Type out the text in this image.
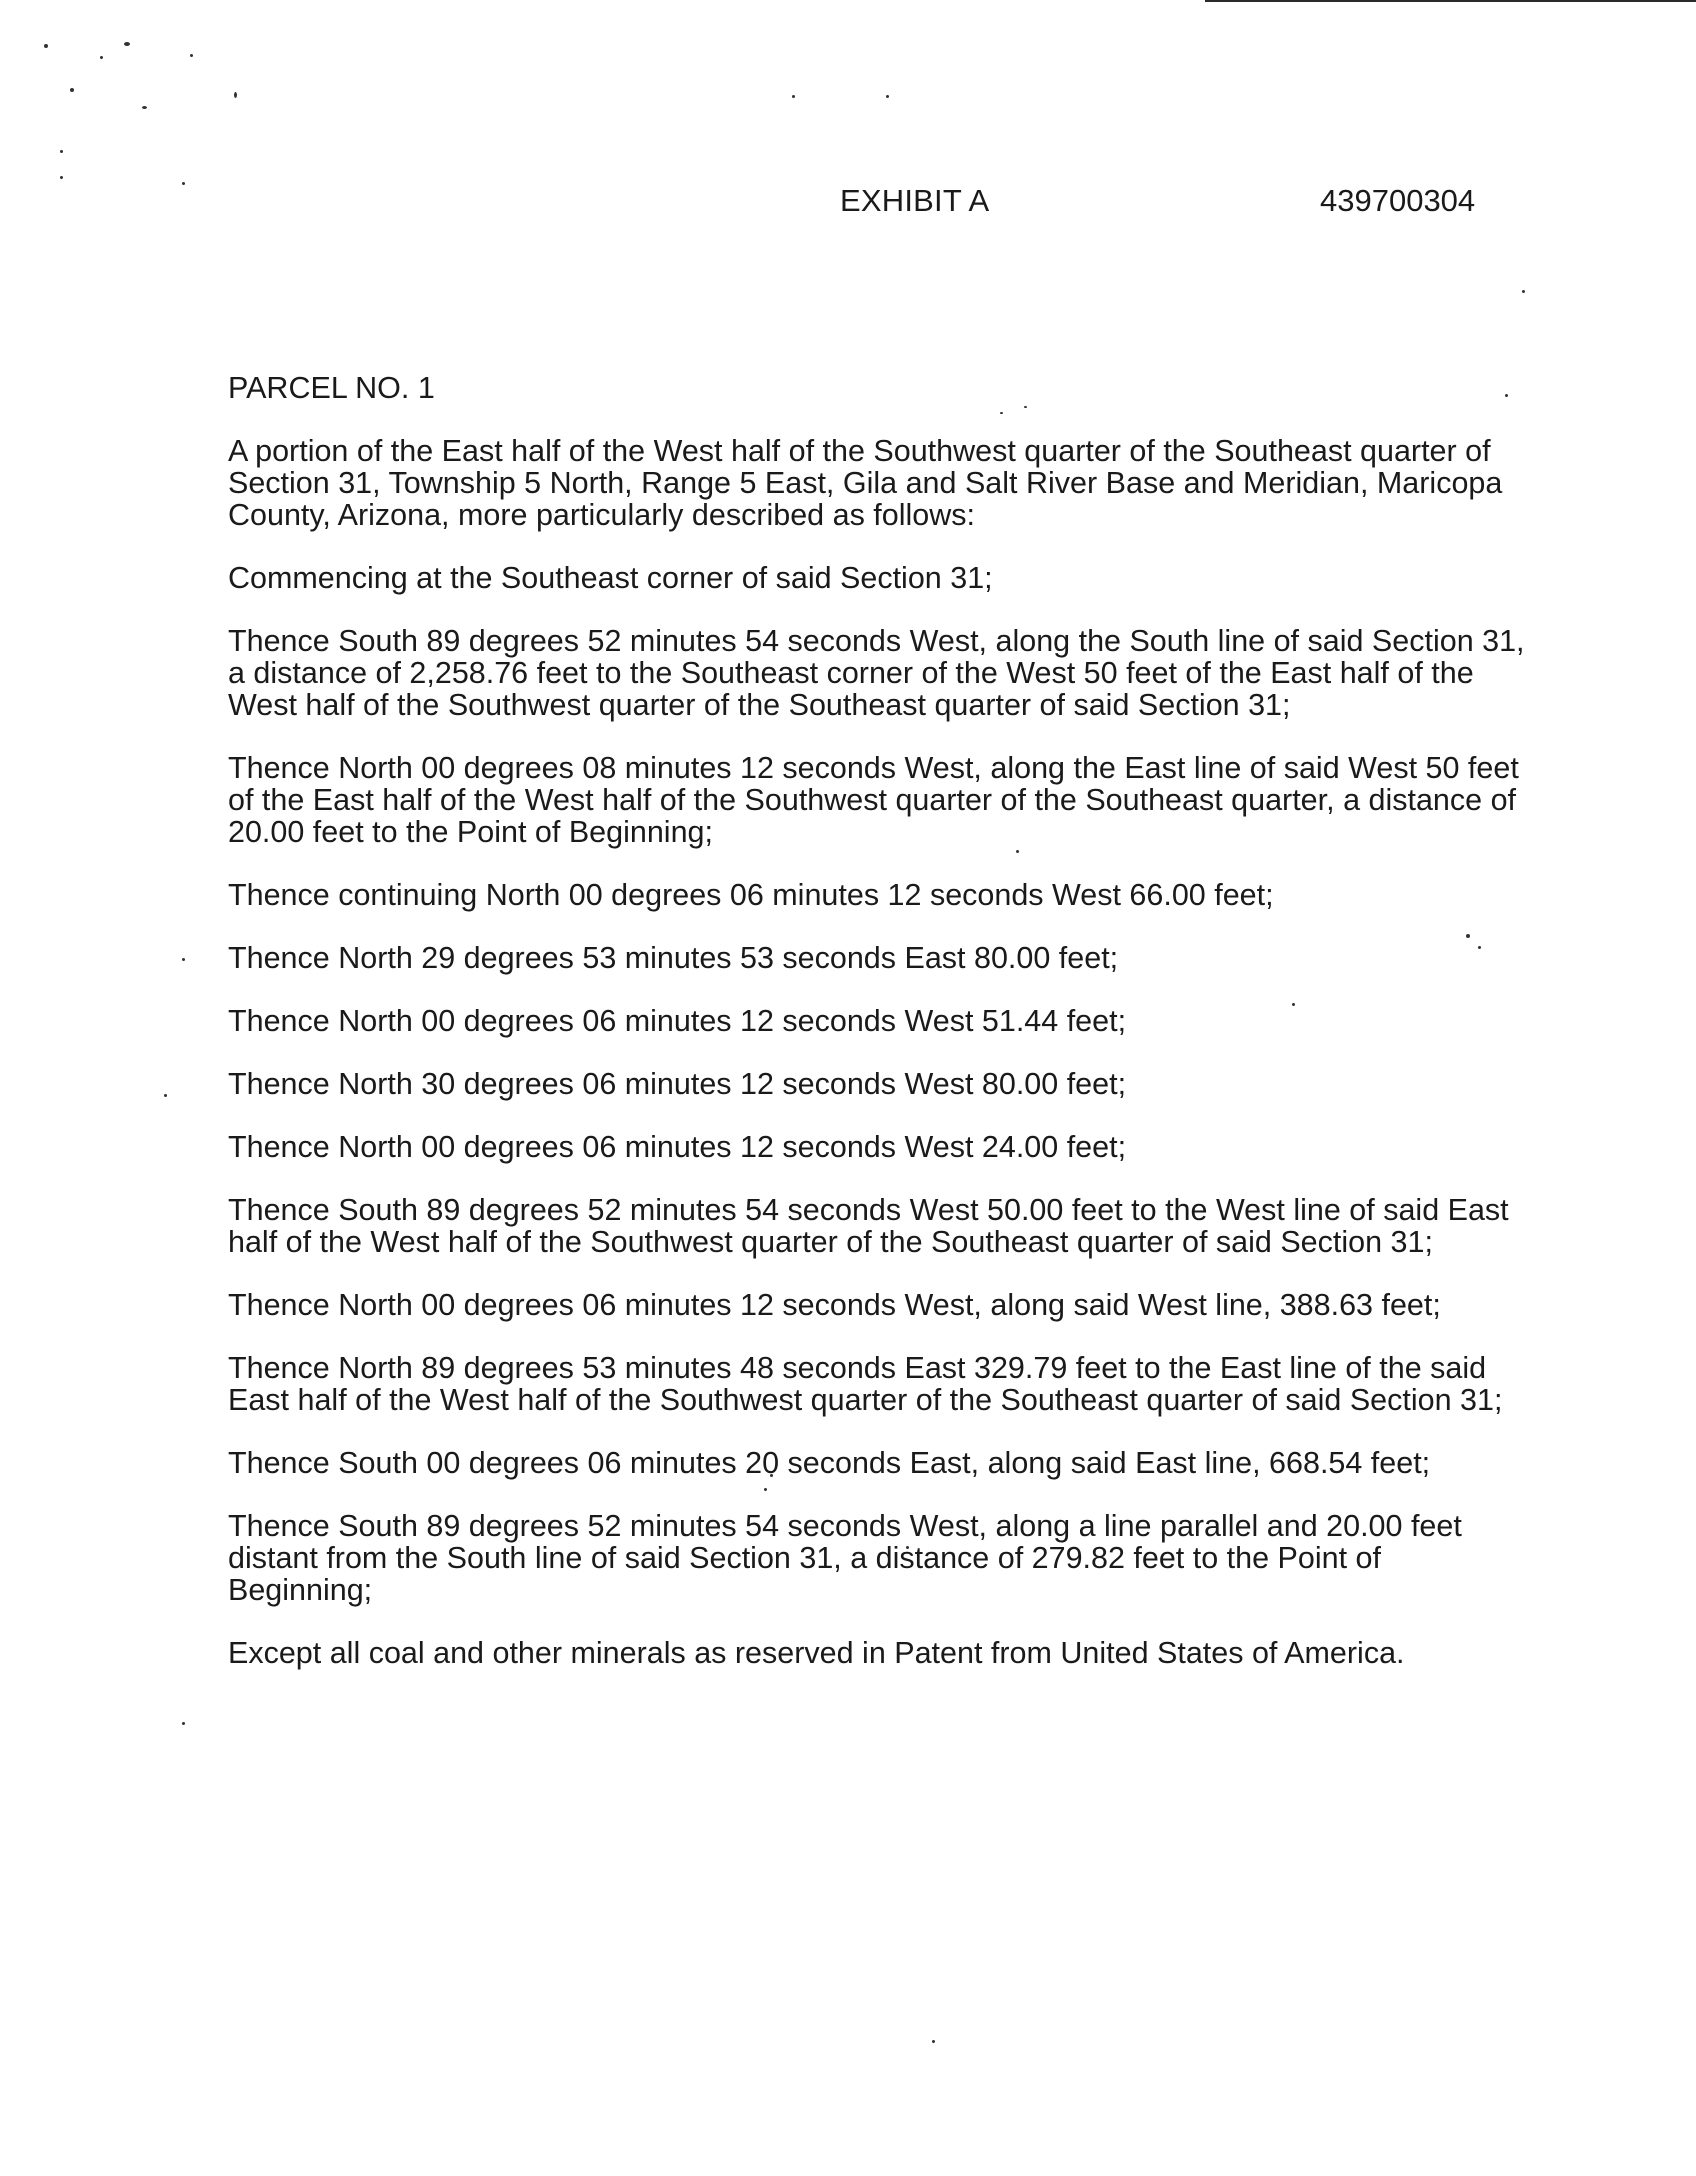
EXHIBIT A	439700304
PARCEL NO. 1

A portion of the East half of the West half of the Southwest quarter of the Southeast quarter of Section 31, Township 5 North, Range 5 East, Gila and Salt River Base and Meridian, Maricopa County, Arizona, more particularly described as follows:

Commencing at the Southeast corner of said Section 31;

Thence South 89 degrees 52 minutes 54 seconds West, along the South line of said Section 31, a distance of 2,258.76 feet to the Southeast corner of the West 50 feet of the East half of the West half of the Southwest quarter of the Southeast quarter of said Section 31;

Thence North 00 degrees 08 minutes 12 seconds West, along the East line of said West 50 feet of the East half of the West half of the Southwest quarter of the Southeast quarter, a distance of 20.00 feet to the Point of Beginning;

Thence continuing North 00 degrees 06 minutes 12 seconds West 66.00 feet;

Thence North 29 degrees 53 minutes 53 seconds East 80.00 feet;

Thence North 00 degrees 06 minutes 12 seconds West 51.44 feet;

Thence North 30 degrees 06 minutes 12 seconds West 80.00 feet;

Thence North 00 degrees 06 minutes 12 seconds West 24.00 feet;

Thence South 89 degrees 52 minutes 54 seconds West 50.00 feet to the West line of said East half of the West half of the Southwest quarter of the Southeast quarter of said Section 31;

Thence North 00 degrees 06 minutes 12 seconds West, along said West line, 388.63 feet;

Thence North 89 degrees 53 minutes 48 seconds East 329.79 feet to the East line of the said East half of the West half of the Southwest quarter of the Southeast quarter of said Section 31;

Thence South 00 degrees 06 minutes 20 seconds East, along said East line, 668.54 feet;

Thence South 89 degrees 52 minutes 54 seconds West, along a line parallel and 20.00 feet distant from the South line of said Section 31, a distance of 279.82 feet to the Point of Beginning;

Except all coal and other minerals as reserved in Patent from United States of America.
